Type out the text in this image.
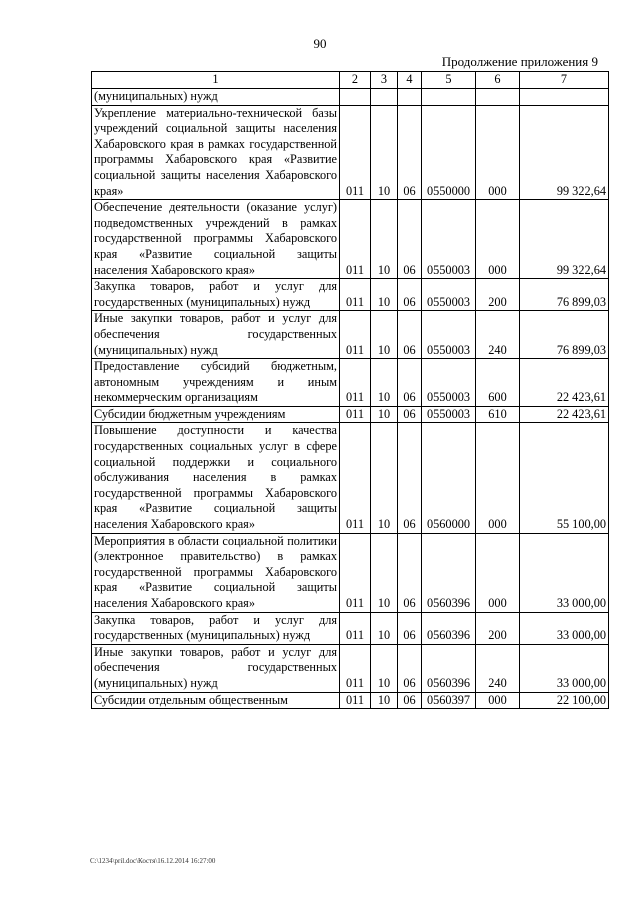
90
Продолжение приложения 9
1	2	3	4	5	6	7
(муниципальных) нужд						
Укрепление материально-технической базы учреждений социальной защиты населения Хабаровского края в рамках государственной программы Хабаровского края «Развитие социальной защиты населения Хабаровского края»	011	10	06	0550000	000	99 322,64
Обеспечение деятельности (оказание услуг) подведомственных учреждений в рамках государственной программы Хабаровского края «Развитие социальной защиты населения Хабаровского края»	011	10	06	0550003	000	99 322,64
Закупка товаров, работ и услуг для государственных (муниципальных) нужд	011	10	06	0550003	200	76 899,03
Иные закупки товаров, работ и услуг для обеспечения государственных (муниципальных) нужд	011	10	06	0550003	240	76 899,03
Предоставление субсидий бюджетным, автономным учреждениям и иным некоммерческим организациям	011	10	06	0550003	600	22 423,61
Субсидии бюджетным учреждениям	011	10	06	0550003	610	22 423,61
Повышение доступности и качества государственных социальных услуг в сфере социальной поддержки и социального обслуживания населения в рамках государственной программы Хабаровского края «Развитие социальной защиты населения Хабаровского края»	011	10	06	0560000	000	55 100,00
Мероприятия в области социальной политики (электронное правительство) в рамках государственной программы Хабаровского края «Развитие социальной защиты населения Хабаровского края»	011	10	06	0560396	000	33 000,00
Закупка товаров, работ и услуг для государственных (муниципальных) нужд	011	10	06	0560396	200	33 000,00
Иные закупки товаров, работ и услуг для обеспечения государственных (муниципальных) нужд	011	10	06	0560396	240	33 000,00
Субсидии отдельным общественным	011	10	06	0560397	000	22 100,00
C:\1234\pril.doc\Костя\16.12.2014 16:27:00
